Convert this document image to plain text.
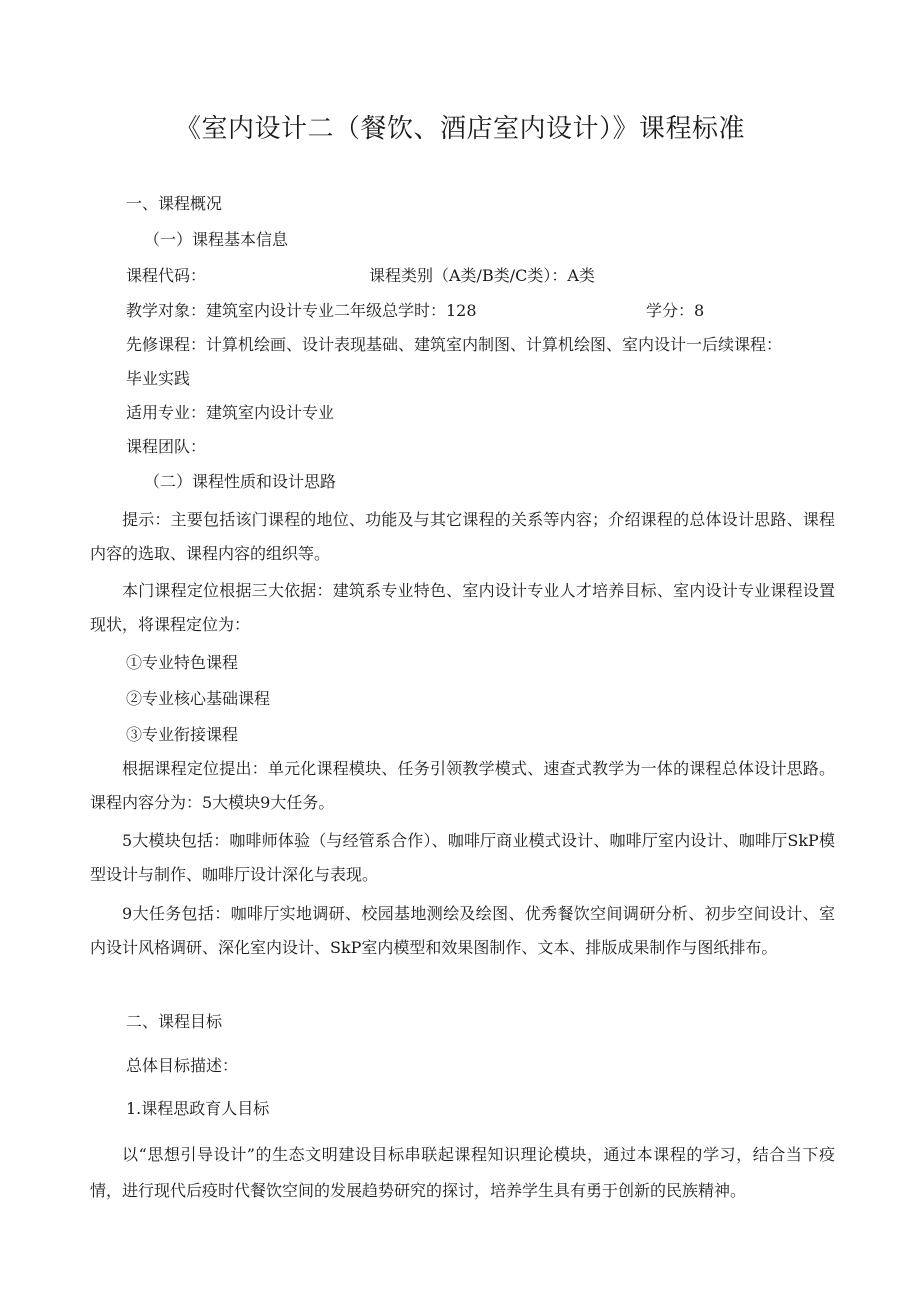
《室内设计二（餐饮、酒店室内设计）》课程标准
一、课程概况
（一）课程基本信息
课程代码：	课程类别（A类/B类/C类）：A类
教学对象：建筑室内设计专业二年级总学时：128	学分：8
先修课程：计算机绘画、设计表现基础、建筑室内制图、计算机绘图、室内设计一后续课程：
毕业实践
适用专业：建筑室内设计专业
课程团队：
（二）课程性质和设计思路
提示：主要包括该门课程的地位、功能及与其它课程的关系等内容；介绍课程的总体设计思路、课程内容的选取、课程内容的组织等。
本门课程定位根据三大依据：建筑系专业特色、室内设计专业人才培养目标、室内设计专业课程设置现状，将课程定位为：
①专业特色课程
②专业核心基础课程
③专业衔接课程
根据课程定位提出：单元化课程模块、任务引领教学模式、速查式教学为一体的课程总体设计思路。课程内容分为：5大模块9大任务。
5大模块包括：咖啡师体验（与经管系合作）、咖啡厅商业模式设计、咖啡厅室内设计、咖啡厅SkP模型设计与制作、咖啡厅设计深化与表现。
9大任务包括：咖啡厅实地调研、校园基地测绘及绘图、优秀餐饮空间调研分析、初步空间设计、室内设计风格调研、深化室内设计、SkP室内模型和效果图制作、文本、排版成果制作与图纸排布。
二、课程目标
总体目标描述：
1.课程思政育人目标
以“思想引导设计”的生态文明建设目标串联起课程知识理论模块，通过本课程的学习，结合当下疫情，进行现代后疫时代餐饮空间的发展趋势研究的探讨，培养学生具有勇于创新的民族精神。
